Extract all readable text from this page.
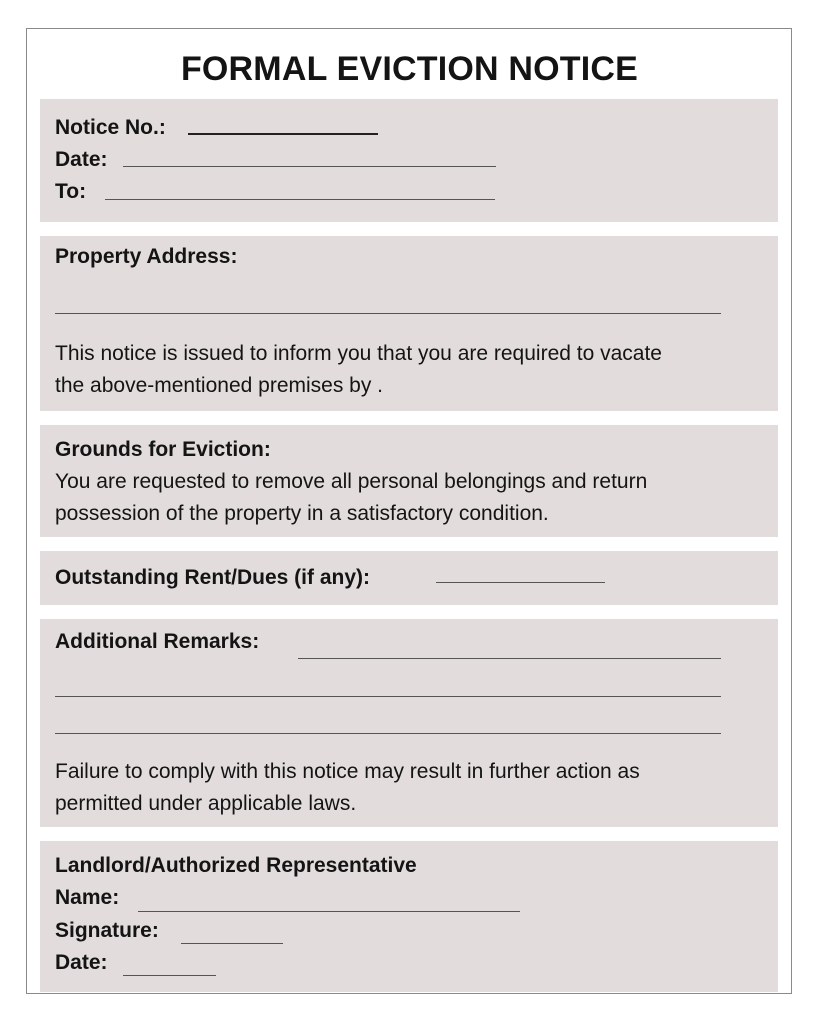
FORMAL EVICTION NOTICE
Notice No.:
Date:
To:
Property Address:
This notice is issued to inform you that you are required to vacate
the above-mentioned premises by .
Grounds for Eviction:
You are requested to remove all personal belongings and return
possession of the property in a satisfactory condition.
Outstanding Rent/Dues (if any):
Additional Remarks:
Failure to comply with this notice may result in further action as
permitted under applicable laws.
Landlord/Authorized Representative
Name:
Signature:
Date:
